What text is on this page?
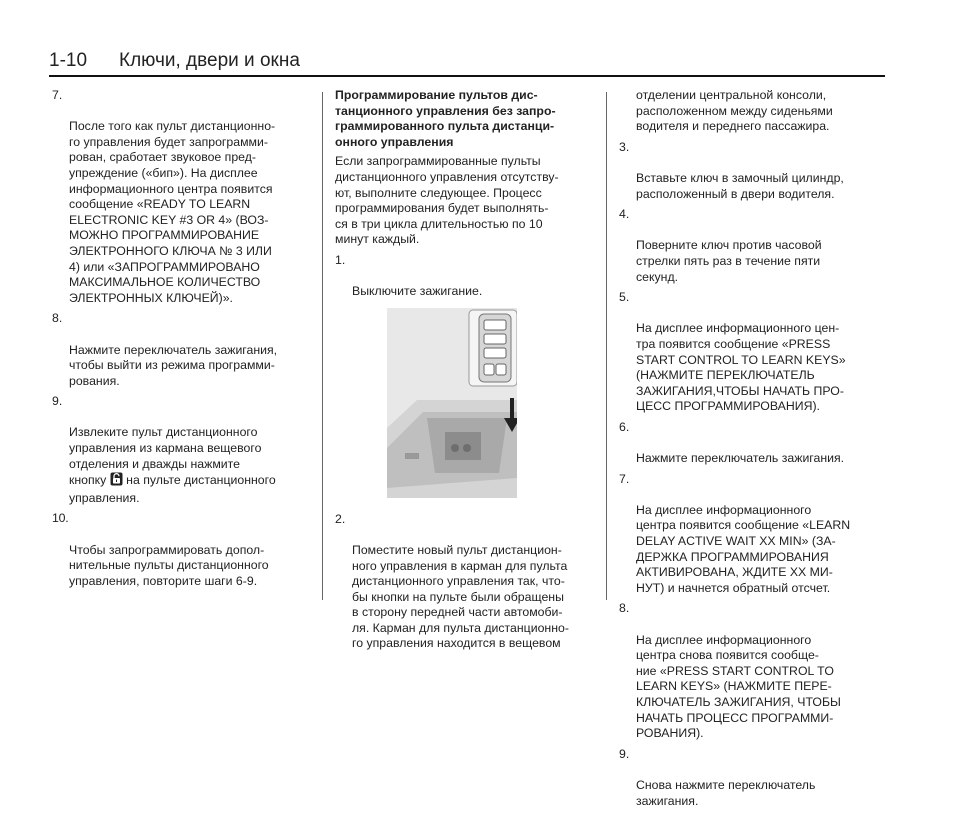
1-10 Ключи, двери и окна

7.

После того как пульт дистанционно-
го управления будет запрограмми-
рован, сработает звуковое пред-
упреждение («бип»). На дисплее
информационного центра появится
сообщение «READY TO LEARN
ELECTRONIC KEY #3 OR 4» (ВОЗ-
МОЖНО ПРОГРАММИРОВАНИЕ
ЭЛЕКТРОННОГО КЛЮЧА № 3 ИЛИ
4) или «ЗАПРОГРАММИРОВАНО
МАКСИМАЛЬНОЕ КОЛИЧЕСТВО
ЭЛЕКТРОННЫХ КЛЮЧЕЙ)».

8.

Нажмите переключатель зажигания,
чтобы выйти из режима программи-
рования.

9.

Извлеките пульт дистанционного
управления из кармана вещевого
отделения и дважды нажмите
кнопку  на пульте дистанционного
управления.

10.

Чтобы запрограммировать допол-
нительные пульты дистанционного
управления, повторите шаги 6-9.

Программирование пультов дис-
танционного управления без запро-
граммированного пульта дистанци-
онного управления
Если запрограммированные пульты
дистанционного управления отсутству-
ют, выполните следующее. Процесс
программирования будет выполнять-
ся в три цикла длительностью по 10
минут каждый.

1.

Выключите зажигание.

2.

Поместите новый пульт дистанцион-
ного управления в карман для пульта
дистанционного управления так, что-
бы кнопки на пульте были обращены
в сторону передней части автомоби-
ля. Карман для пульта дистанционно-
го управления находится в вещевом

отделении центральной консоли,
расположенном между сиденьями
водителя и переднего пассажира.

3.

Вставьте ключ в замочный цилиндр,
расположенный в двери водителя.

4.

Поверните ключ против часовой
стрелки пять раз в течение пяти
секунд.

5.

На дисплее информационного цен-
тра появится сообщение «PRESS
START CONTROL TO LEARN KEYS»
(НАЖМИТЕ ПЕРЕКЛЮЧАТЕЛЬ
ЗАЖИГАНИЯ,ЧТОБЫ НАЧАТЬ ПРО-
ЦЕСС ПРОГРАММИРОВАНИЯ).

6.

Нажмите переключатель зажигания.

7.

На дисплее информационного
центра появится сообщение «LEARN
DELAY ACTIVE WAIT XX MIN» (ЗА-
ДЕРЖКА ПРОГРАММИРОВАНИЯ
АКТИВИРОВАНА, ЖДИТЕ XX МИ-
НУТ) и начнется обратный отсчет.

8.

На дисплее информационного
центра снова появится сообще-
ние «PRESS START CONTROL TO
LEARN KEYS» (НАЖМИТЕ ПЕРЕ-
КЛЮЧАТЕЛЬ ЗАЖИГАНИЯ, ЧТОБЫ
НАЧАТЬ ПРОЦЕСС ПРОГРАММИ-
РОВАНИЯ).

9.

Снова нажмите переключатель
зажигания.
